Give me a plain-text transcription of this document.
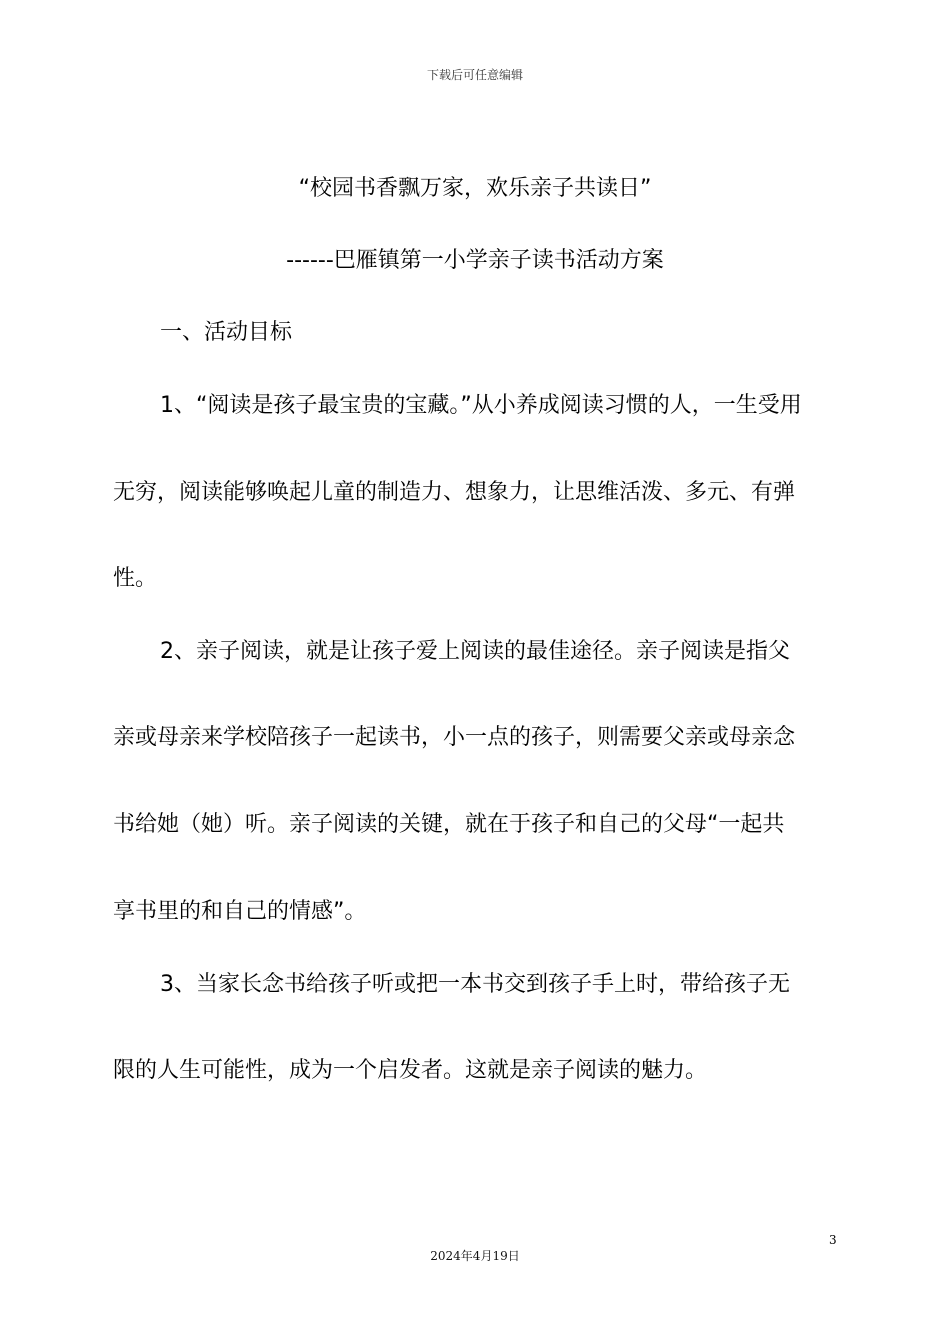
下载后可任意编辑
“校园书香飘万家，欢乐亲子共读日”
------巴雁镇第一小学亲子读书活动方案
一、活动目标
1、“阅读是孩子最宝贵的宝藏。”从小养成阅读习惯的人，一生受用
无穷，阅读能够唤起儿童的制造力、想象力，让思维活泼、多元、有弹
性。
2、亲子阅读，就是让孩子爱上阅读的最佳途径。亲子阅读是指父
亲或母亲来学校陪孩子一起读书，小一点的孩子，则需要父亲或母亲念
书给她（她）听。亲子阅读的关键，就在于孩子和自己的父母“一起共
享书里的和自己的情感”。
3、当家长念书给孩子听或把一本书交到孩子手上时，带给孩子无
限的人生可能性，成为一个启发者。这就是亲子阅读的魅力。
3
2024年4月19日
